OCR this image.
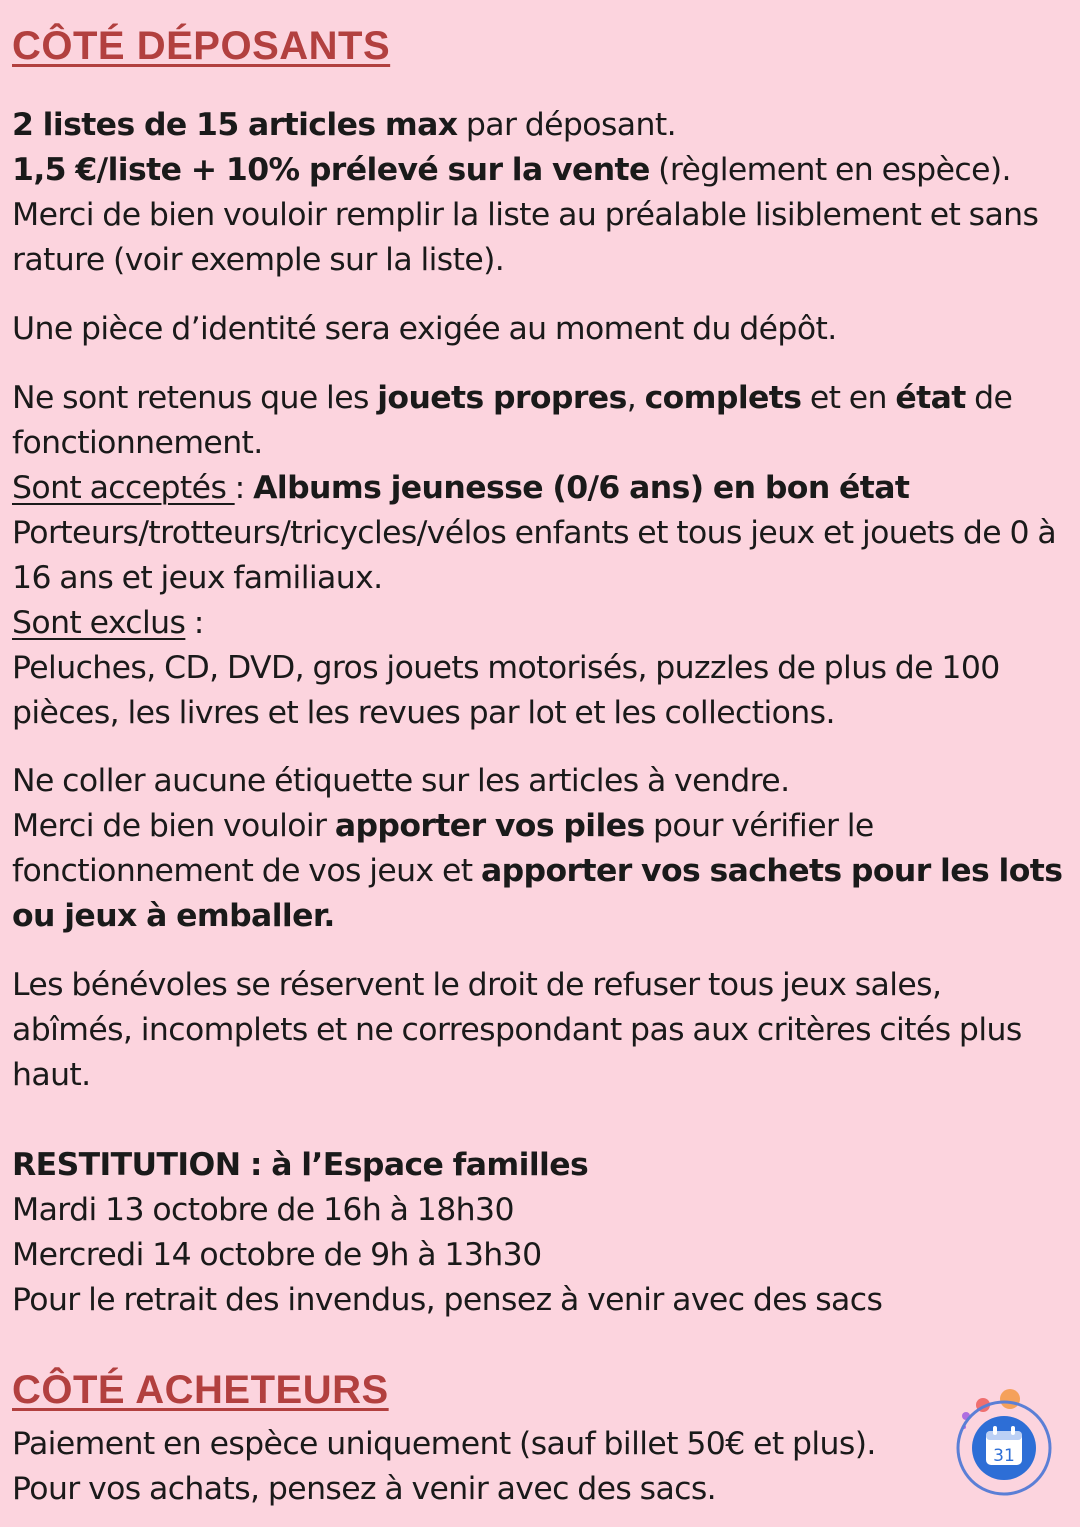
CÔTÉ DÉPOSANTS
2 listes de 15 articles max par déposant.
1,5 €/liste + 10% prélevé sur la vente (règlement en espèce).
Merci de bien vouloir remplir la liste au préalable lisiblement et sans
rature (voir exemple sur la liste).
Une pièce d’identité sera exigée au moment du dépôt.
Ne sont retenus que les jouets propres, complets et en état de
fonctionnement.
Sont acceptés : Albums jeunesse (0/6 ans) en bon état
Porteurs/trotteurs/tricycles/vélos enfants et tous jeux et jouets de 0 à
16 ans et jeux familiaux.
Sont exclus :
Peluches, CD, DVD, gros jouets motorisés, puzzles de plus de 100
pièces, les livres et les revues par lot et les collections.
Ne coller aucune étiquette sur les articles à vendre.
Merci de bien vouloir apporter vos piles pour vérifier le
fonctionnement de vos jeux et apporter vos sachets pour les lots
ou jeux à emballer.
Les bénévoles se réservent le droit de refuser tous jeux sales,
abîmés, incomplets et ne correspondant pas aux critères cités plus
haut.
RESTITUTION : à l’Espace familles
Mardi 13 octobre de 16h à 18h30
Mercredi 14 octobre de 9h à 13h30
Pour le retrait des invendus, pensez à venir avec des sacs
CÔTÉ ACHETEURS
Paiement en espèce uniquement (sauf billet 50€ et plus).
Pour vos achats, pensez à venir avec des sacs.
31
